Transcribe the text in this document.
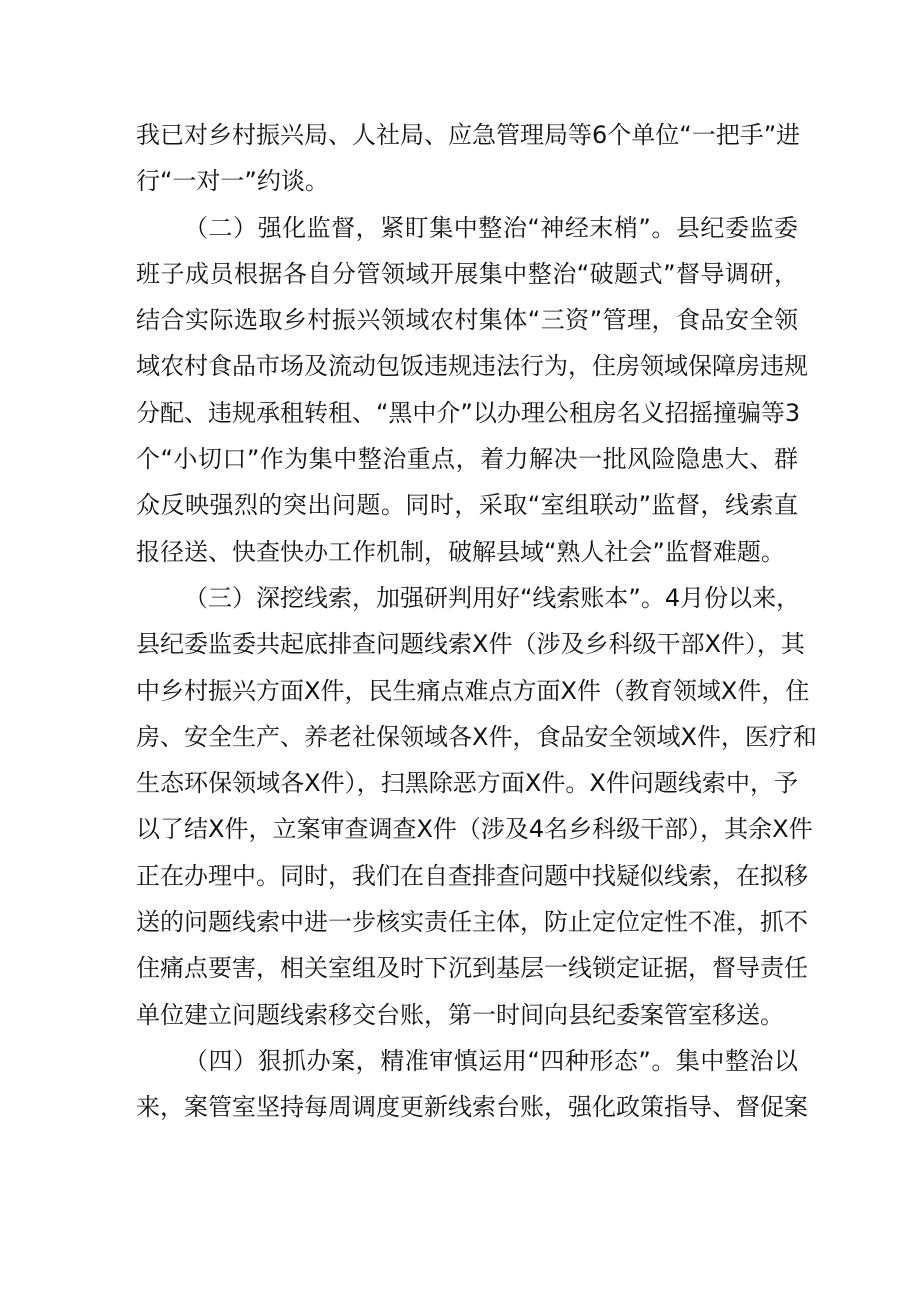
我已对乡村振兴局、人社局、应急管理局等6个单位“一把手”进
行“一对一”约谈。
（二）强化监督，紧盯集中整治“神经末梢”。县纪委监委
班子成员根据各自分管领域开展集中整治“破题式”督导调研，
结合实际选取乡村振兴领域农村集体“三资”管理，食品安全领
域农村食品市场及流动包饭违规违法行为，住房领域保障房违规
分配、违规承租转租、“黑中介”以办理公租房名义招摇撞骗等3
个“小切口”作为集中整治重点，着力解决一批风险隐患大、群
众反映强烈的突出问题。同时，采取“室组联动”监督，线索直
报径送、快查快办工作机制，破解县域“熟人社会”监督难题。
（三）深挖线索，加强研判用好“线索账本”。4月份以来，
县纪委监委共起底排查问题线索X件（涉及乡科级干部X件），其
中乡村振兴方面X件，民生痛点难点方面X件（教育领域X件，住
房、安全生产、养老社保领域各X件，食品安全领域X件，医疗和
生态环保领域各X件），扫黑除恶方面X件。X件问题线索中，予
以了结X件，立案审查调查X件（涉及4名乡科级干部），其余X件
正在办理中。同时，我们在自查排查问题中找疑似线索，在拟移
送的问题线索中进一步核实责任主体，防止定位定性不准，抓不
住痛点要害，相关室组及时下沉到基层一线锁定证据，督导责任
单位建立问题线索移交台账，第一时间向县纪委案管室移送。
（四）狠抓办案，精准审慎运用“四种形态”。集中整治以
来，案管室坚持每周调度更新线索台账，强化政策指导、督促案
